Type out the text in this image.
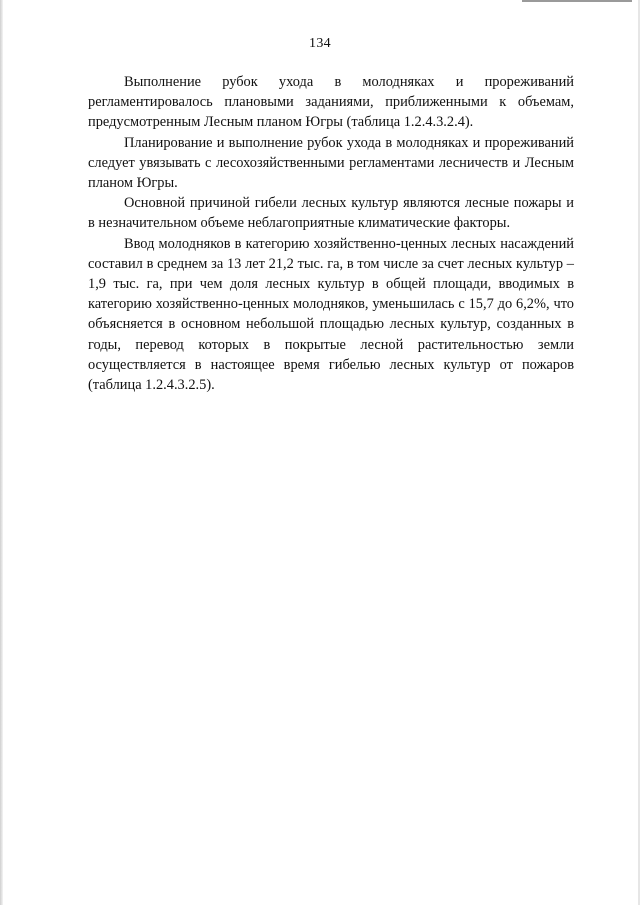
134

Выполнение рубок ухода в молодняках и прореживаний регламентировалось плановыми заданиями, приближенными к объемам, предусмотренным Лесным планом Югры (таблица 1.2.4.3.2.4).

Планирование и выполнение рубок ухода в молодняках и прореживаний следует увязывать с лесохозяйственными регламентами лесничеств и Лесным планом Югры.

Основной причиной гибели лесных культур являются лесные пожары и в незначительном объеме неблагоприятные климатические факторы.

Ввод молодняков в категорию хозяйственно-ценных лесных насаждений составил в среднем за 13 лет 21,2 тыс. га, в том числе за счет лесных культур – 1,9 тыс. га, при чем доля лесных культур в общей площади, вводимых в категорию хозяйственно-ценных молодняков, уменьшилась с 15,7 до 6,2%, что объясняется в основном небольшой площадью лесных культур, созданных в годы, перевод которых в покрытые лесной растительностью земли осуществляется в настоящее время гибелью лесных культур от пожаров (таблица 1.2.4.3.2.5).
